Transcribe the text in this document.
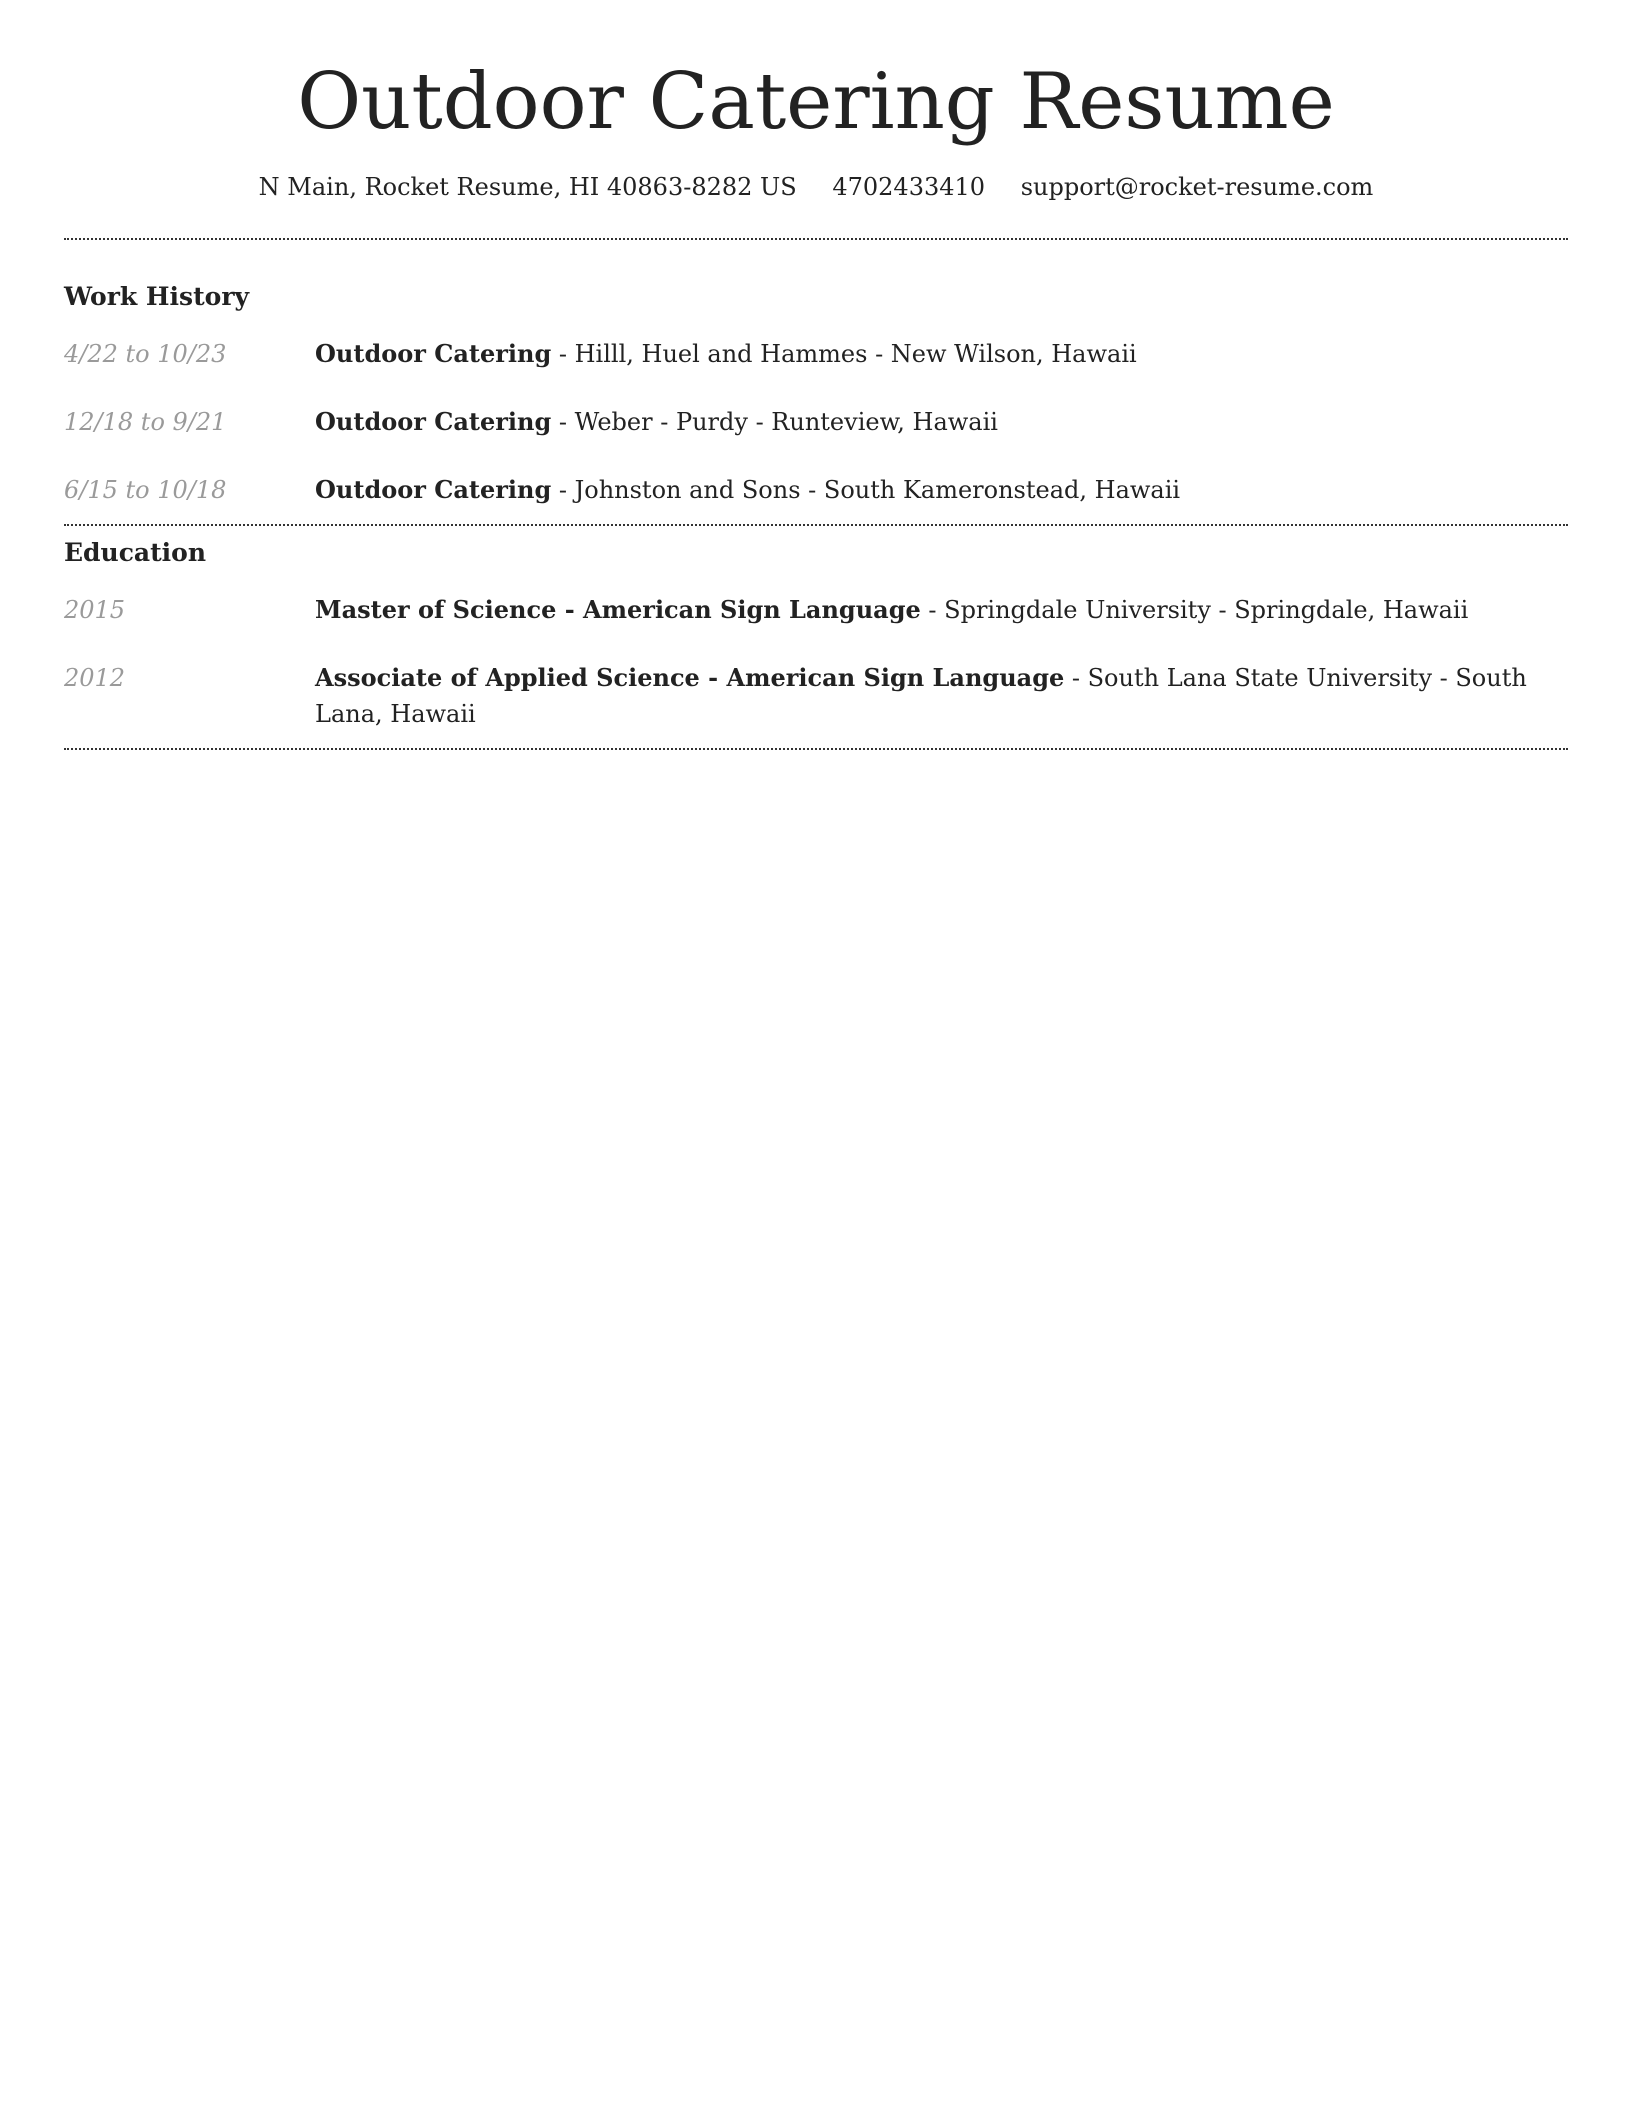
Outdoor Catering Resume
N Main, Rocket Resume, HI 40863-8282 US 4702433410 support@rocket-resume.com
Work History
4/22 to 10/23	Outdoor Catering - Hilll, Huel and Hammes - New Wilson, Hawaii
12/18 to 9/21	Outdoor Catering - Weber - Purdy - Runteview, Hawaii
6/15 to 10/18	Outdoor Catering - Johnston and Sons - South Kameronstead, Hawaii
Education
2015	Master of Science - American Sign Language - Springdale University - Springdale, Hawaii
2012	Associate of Applied Science - American Sign Language - South Lana State University - South Lana, Hawaii
